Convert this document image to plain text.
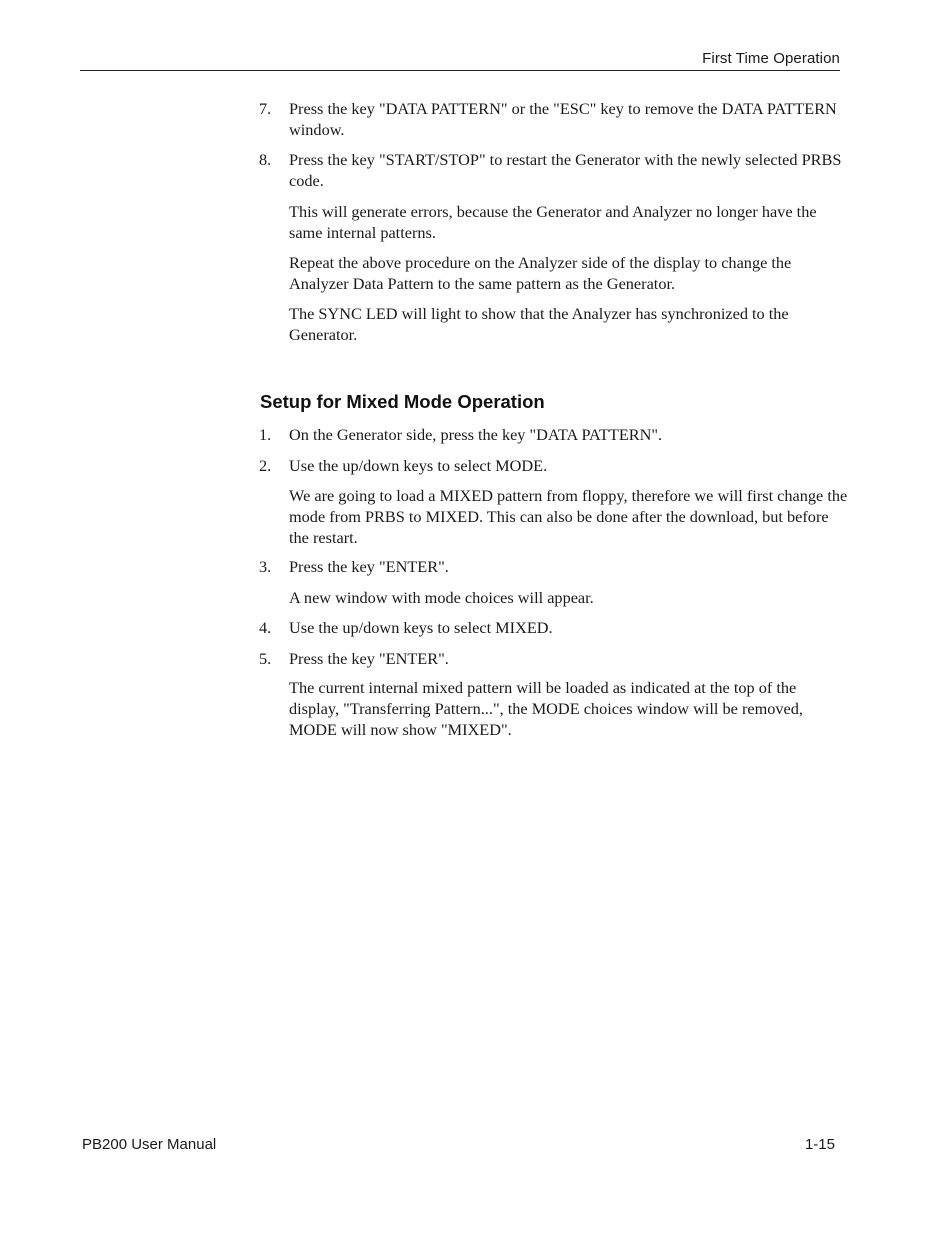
First Time Operation
7. Press the key "DATA PATTERN" or the "ESC" key to remove the DATA PATTERN window.
8. Press the key "START/STOP" to restart the Generator with the newly selected PRBS code.
This will generate errors, because the Generator and Analyzer no longer have the same internal patterns.
Repeat the above procedure on the Analyzer side of the display to change the Analyzer Data Pattern to the same pattern as the Generator.
The SYNC LED will light to show that the Analyzer has synchronized to the Generator.
Setup for Mixed Mode Operation
1. On the Generator side, press the key "DATA PATTERN".
2. Use the up/down keys to select MODE.
We are going to load a MIXED pattern from floppy, therefore we will first change the mode from PRBS to MIXED. This can also be done after the download, but before the restart.
3. Press the key "ENTER".
A new window with mode choices will appear.
4. Use the up/down keys to select MIXED.
5. Press the key "ENTER".
The current internal mixed pattern will be loaded as indicated at the top of the display, "Transferring Pattern...", the MODE choices window will be removed, MODE will now show "MIXED".
PB200 User Manual	1-15
